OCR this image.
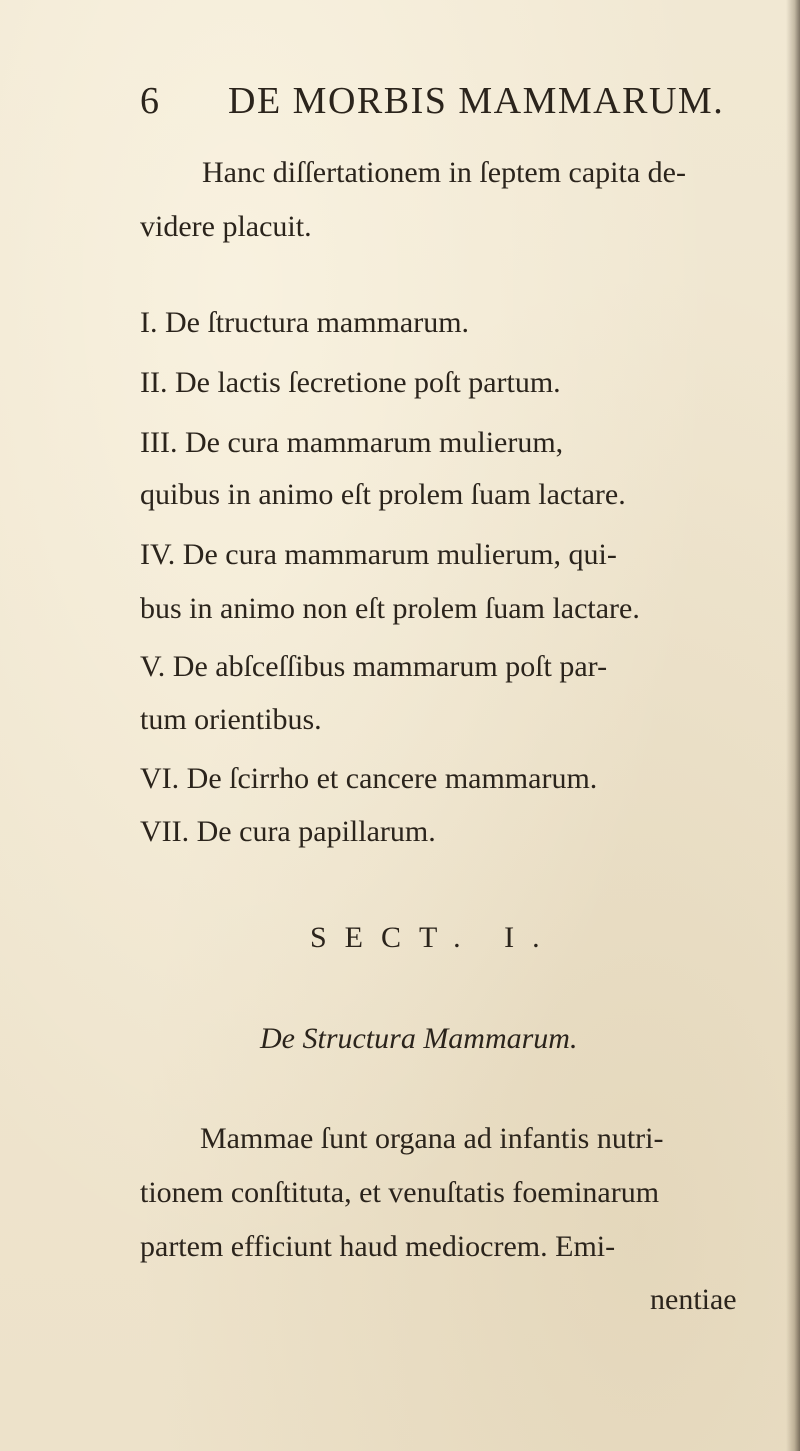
6 DE MORBIS MAMMARUM.
Hanc diſſertationem in ſeptem capita de-
videre placuit.
I. De ſtructura mammarum.
II. De lactis ſecretione poſt partum.
III. De cura mammarum mulierum,
quibus in animo eſt prolem ſuam lactare.
IV. De cura mammarum mulierum, qui-
bus in animo non eſt prolem ſuam lactare.
V. De abſceſſibus mammarum poſt par-
tum orientibus.
VI. De ſcirrho et cancere mammarum.
VII. De cura papillarum.
SECT. I.
De Structura Mammarum.
Mammae ſunt organa ad infantis nutri-
tionem conſtituta, et venuſtatis foeminarum
partem efficiunt haud mediocrem. Emi-
nentiae
